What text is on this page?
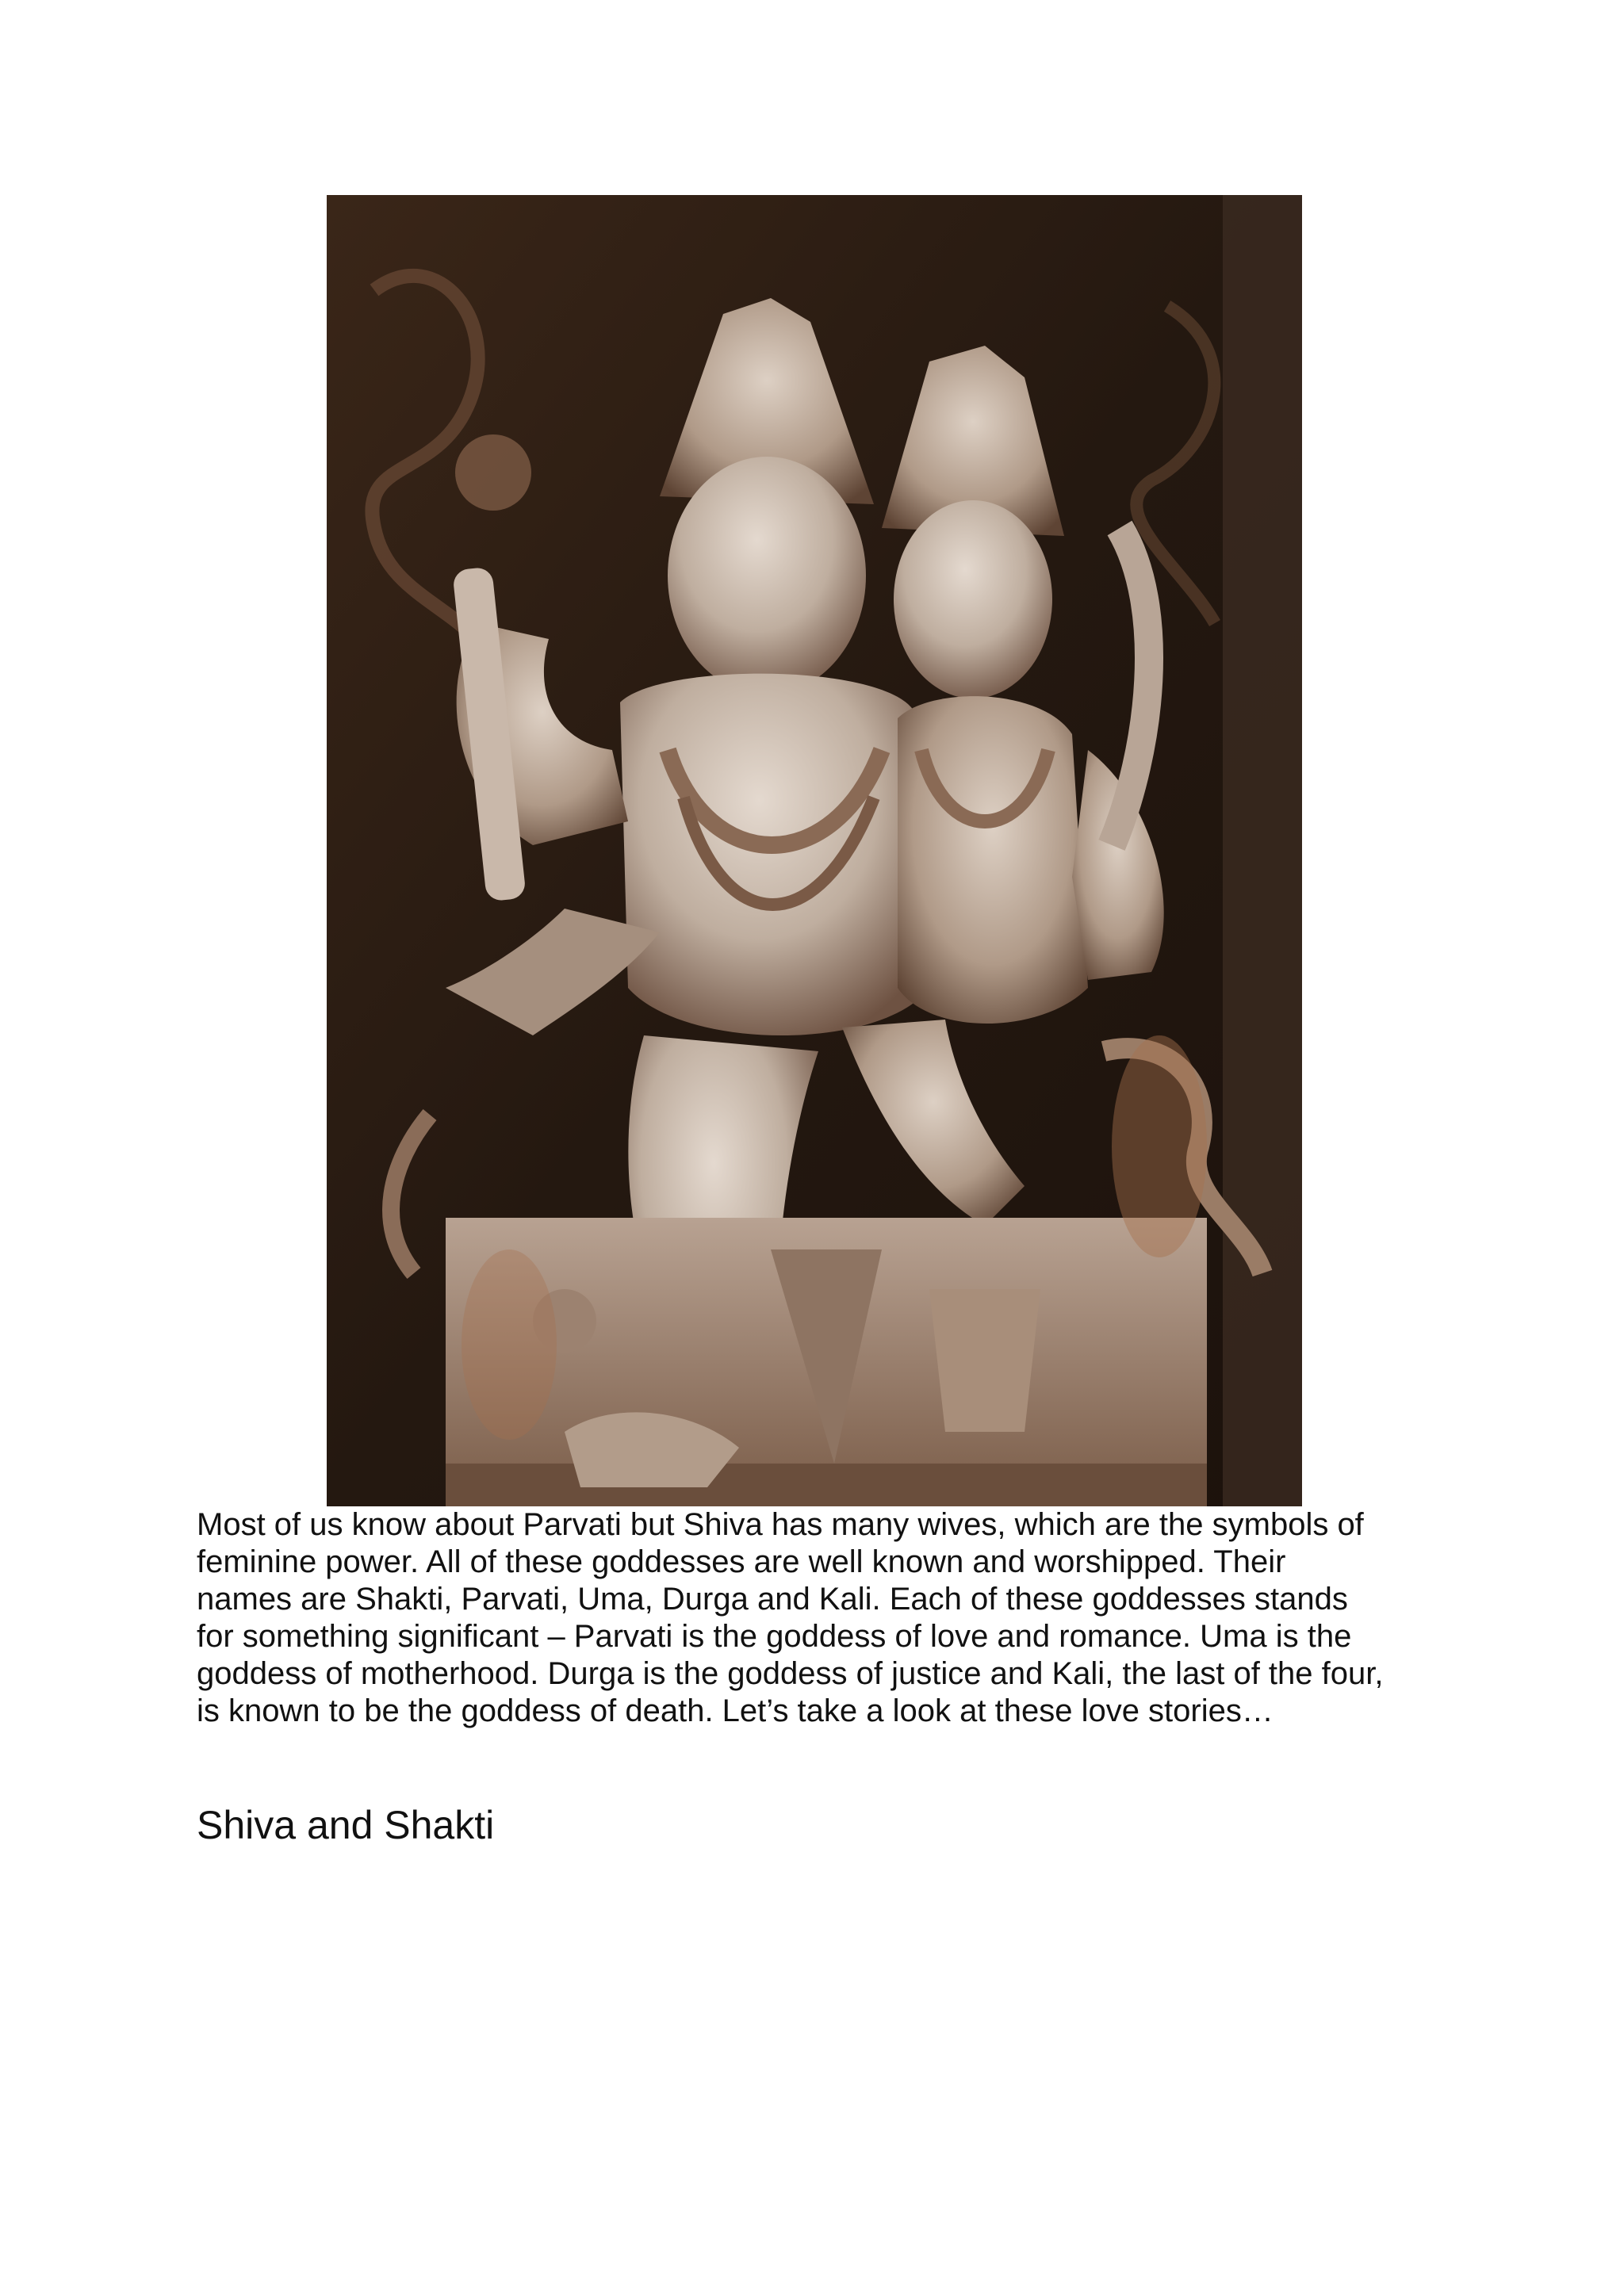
Most of us know about Parvati but Shiva has many wives, which are the symbols of
feminine power. All of these goddesses are well known and worshipped. Their
names are Shakti, Parvati, Uma, Durga and Kali. Each of these goddesses stands
for something significant – Parvati is the goddess of love and romance. Uma is the
goddess of motherhood. Durga is the goddess of justice and Kali, the last of the four,
is known to be the goddess of death. Let’s take a look at these love stories…

Shiva and Shakti
